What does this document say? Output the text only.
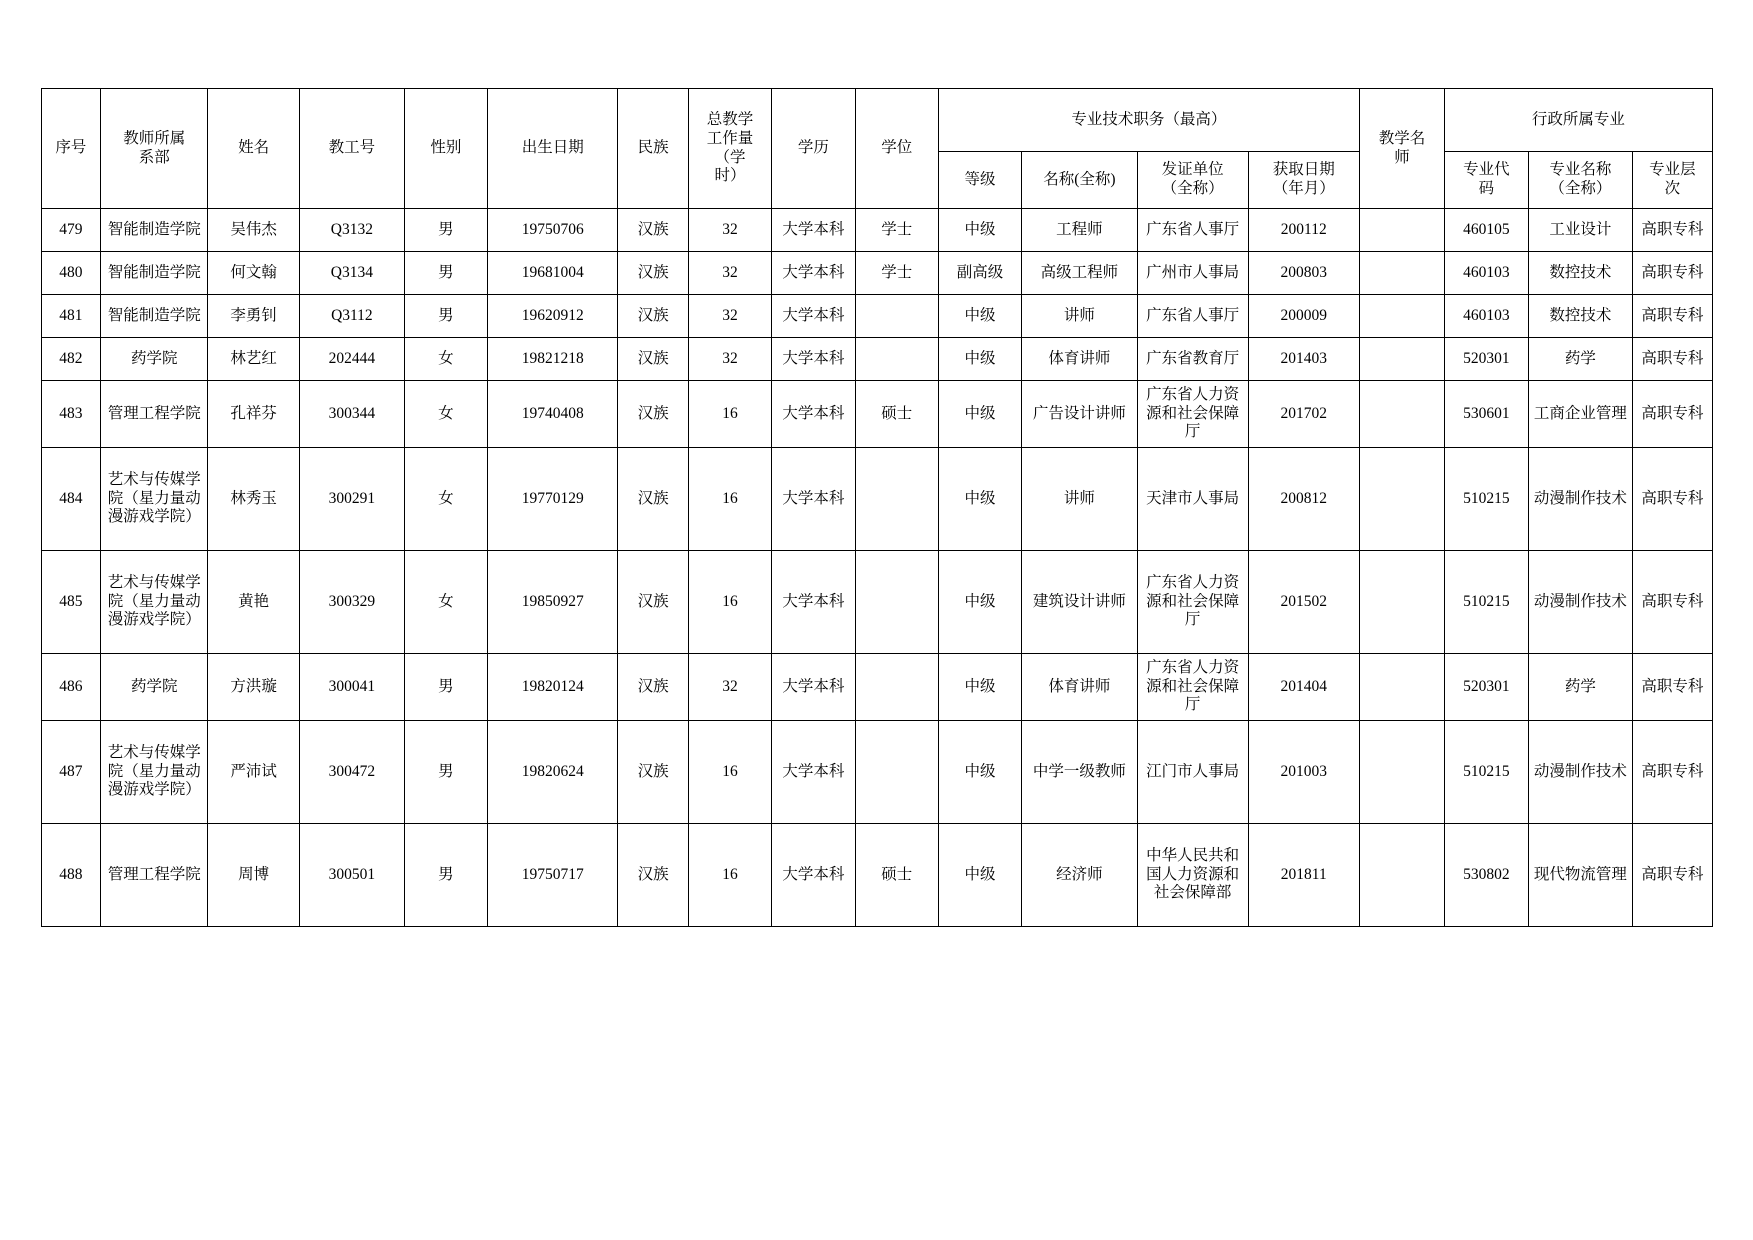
序号	教师所属
系部	姓名	教工号	性别	出生日期	民族	总教学
工作量
（学
时）	学历	学位	专业技术职务（最高）				教学名
师	行政所属专业		
										等级	名称(全称)	发证单位
（全称）	获取日期
（年月）		专业代
码	专业名称
（全称）	专业层
次
479	智能制造学院	吴伟杰	Q3132	男	19750706	汉族	32	大学本科	学士	中级	工程师	广东省人事厅	200112		460105	工业设计	高职专科
480	智能制造学院	何文翰	Q3134	男	19681004	汉族	32	大学本科	学士	副高级	高级工程师	广州市人事局	200803		460103	数控技术	高职专科
481	智能制造学院	李勇钊	Q3112	男	19620912	汉族	32	大学本科		中级	讲师	广东省人事厅	200009		460103	数控技术	高职专科
482	药学院	林艺红	202444	女	19821218	汉族	32	大学本科		中级	体育讲师	广东省教育厅	201403		520301	药学	高职专科
483	管理工程学院	孔祥芬	300344	女	19740408	汉族	16	大学本科	硕士	中级	广告设计讲师	广东省人力资源和社会保障厅	201702		530601	工商企业管理	高职专科
484	艺术与传媒学院（星力量动漫游戏学院）	林秀玉	300291	女	19770129	汉族	16	大学本科		中级	讲师	天津市人事局	200812		510215	动漫制作技术	高职专科
485	艺术与传媒学院（星力量动漫游戏学院）	黄艳	300329	女	19850927	汉族	16	大学本科		中级	建筑设计讲师	广东省人力资源和社会保障厅	201502		510215	动漫制作技术	高职专科
486	药学院	方洪璇	300041	男	19820124	汉族	32	大学本科		中级	体育讲师	广东省人力资源和社会保障厅	201404		520301	药学	高职专科
487	艺术与传媒学院（星力量动漫游戏学院）	严沛试	300472	男	19820624	汉族	16	大学本科		中级	中学一级教师	江门市人事局	201003		510215	动漫制作技术	高职专科
488	管理工程学院	周博	300501	男	19750717	汉族	16	大学本科	硕士	中级	经济师	中华人民共和国人力资源和社会保障部	201811		530802	现代物流管理	高职专科
